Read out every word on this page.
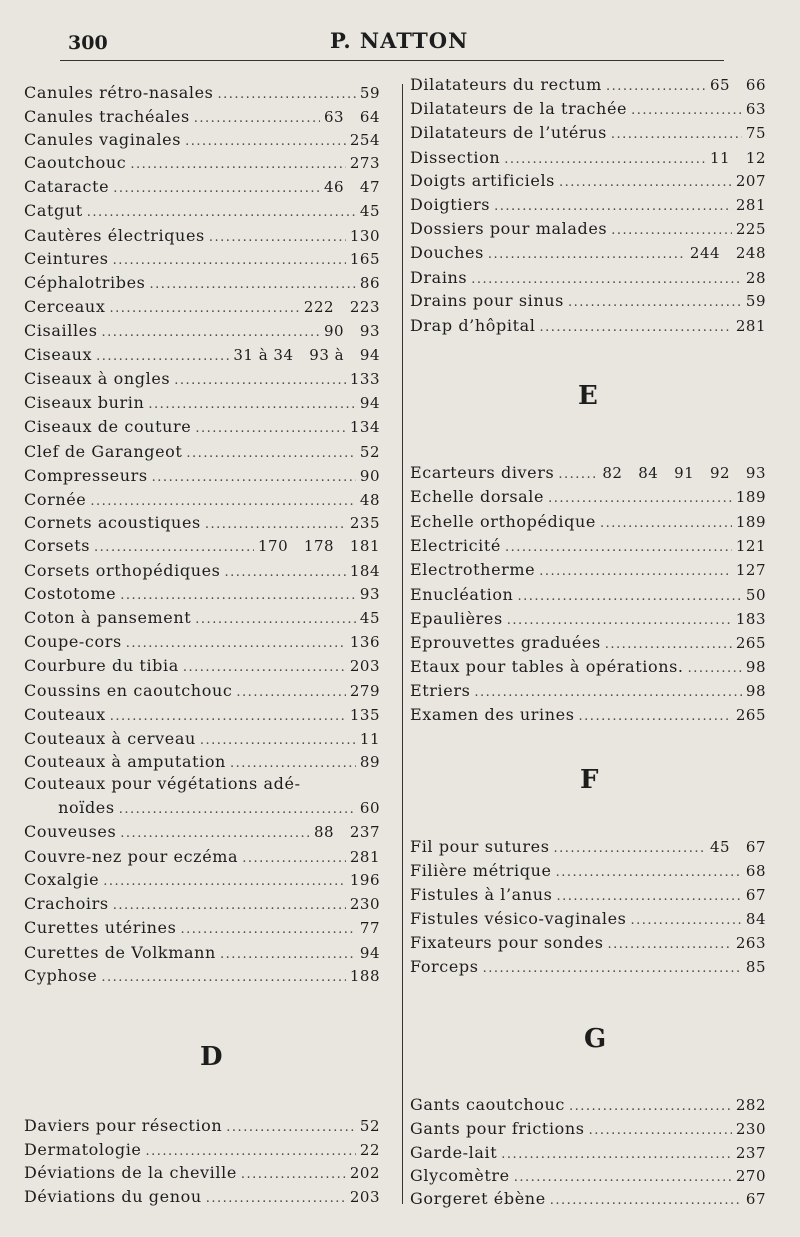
300	P. NATTON
Canules rétro-nasales .....	59
Canules trachéales .....	63   64
Canules vaginales .....	254
Caoutchouc .....	273
Cataracte .....	46   47
Catgut .....	45
Cautères électriques .....	130
Ceintures .....	165
Céphalotribes .....	86
Cerceaux .....	222   223
Cisailles .....	90   93
Ciseaux .....	31 à 34   93 à   94
Ciseaux à ongles .....	133
Ciseaux burin .....	94
Ciseaux de couture .....	134
Clef de Garangeot .....	52
Compresseurs .....	90
Cornée .....	48
Cornets acoustiques .....	235
Corsets .....	170   178   181
Corsets orthopédiques .....	184
Costotome .....	93
Coton à pansement .....	45
Coupe-cors .....	136
Courbure du tibia .....	203
Coussins en caoutchouc .....	279
Couteaux .....	135
Couteaux à cerveau .....	11
Couteaux à amputation .....	89
Couteaux pour végétations adé-
noïdes .....	60
Couveuses .....	88   237
Couvre-nez pour eczéma .....	281
Coxalgie .....	196
Crachoirs .....	230
Curettes utérines .....	77
Curettes de Volkmann .....	94
Cyphose .....	188
Daviers pour résection .....	52
Dermatologie .....	22
Déviations de la cheville .....	202
Déviations du genou .....	203
Dilatateurs du rectum .....	65   66
Dilatateurs de la trachée .....	63
Dilatateurs de l’utérus .....	75
Dissection .....	11   12
Doigts artificiels .....	207
Doigtiers .....	281
Dossiers pour malades .....	225
Douches .....	244   248
Drains .....	28
Drains pour sinus .....	59
Drap d’hôpital .....	281
Ecarteurs divers .....	82   84   91   92   93
Echelle dorsale .....	189
Echelle orthopédique .....	189
Electricité .....	121
Electrotherme .....	127
Enucléation .....	50
Epaulières .....	183
Eprouvettes graduées .....	265
Etaux pour tables à opérations. .....	98
Etriers .....	98
Examen des urines .....	265
Fil pour sutures .....	45   67
Filière métrique .....	68
Fistules à l’anus .....	67
Fistules vésico-vaginales .....	84
Fixateurs pour sondes .....	263
Forceps .....	85
Gants caoutchouc .....	282
Gants pour frictions .....	230
Garde-lait .....	237
Glycomètre .....	270
Gorgeret ébène .....	67
D
E
F
G
